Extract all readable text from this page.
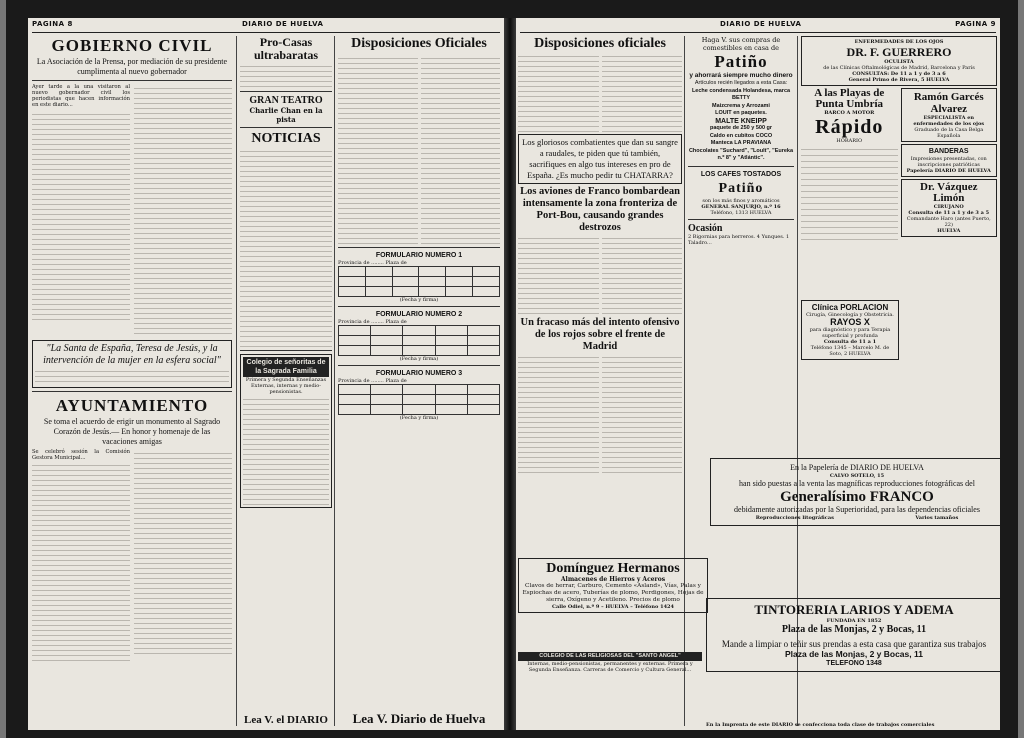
PAGINA 8	DIARIO DE HUELVA
GOBIERNO CIVIL
La Asociación de la Prensa, por mediación de su presidente cumplimenta al nuevo gobernador
Ayer tarde a la una visitaron al nuevo gobernador civil los periodistas que hacen información en este diario...
"La Santa de España, Teresa de Jesús, y la intervención de la mujer en la esfera social"
AYUNTAMIENTO
Se toma el acuerdo de erigir un monumento al Sagrado Corazón de Jesús.— En honor y homenaje de las vacaciones amigas
Se celebró sesión la Comisión Gestora Municipal...
Pro-Casas ultrabaratas
GRAN TEATRO
Charlie Chan en la pista
NOTICIAS
Colegio de señoritas de la Sagrada Familia
Primera y Segunda Enseñanzas Externas, internas y medio-pensionistas.
Lea V. el DIARIO
Disposiciones Oficiales
FORMULARIO NUMERO 1
Provincia de ........ Plaza de

(Fecha y firma)
FORMULARIO NUMERO 2
Provincia de ........ Plaza de

(Fecha y firma)
FORMULARIO NUMERO 3
Provincia de ........ Plaza de

(Fecha y firma)
Lea V. Diario de Huelva
DIARIO DE HUELVA	PAGINA 9
Disposiciones oficiales
Los gloriosos combatientes que dan su sangre a raudales, te piden que tú también, sacrifiques en algo tus intereses en pro de España. ¿Es mucho pedir tu CHATARRA?
Los aviones de Franco bombardean intensamente la zona fronteriza de Port-Bou, causando grandes destrozos
Un fracaso más del intento ofensivo de los rojos sobre el frente de Madrid
Haga V. sus compras de comestibles en casa de
Patiño
y ahorrará siempre mucho dinero
Artículos recién llegados a esta Casa:
Leche condensada Holandesa, marca BETTY
Maizcrema y Arrozami
LOUIT en paquetes.
MALTE KNEIPP
paquete de 250 y 500 gr
Caldo en cubitos COCO
Manteca LA PRAVIANA
Chocolates "Suchard", "Loult", "Eureka n.º 8" y "Atlántic".
LOS CAFES TOSTADOS
Patiño
son los más finos y aromáticos
GENERAL SANJURJO, n.º 16
Teléfono, 1313 HUELVA
Ocasión
2 Bigornias para herreros. 4 Yunques. 1 Taladro...
ENFERMEDADES DE LOS OJOS
DR. F. GUERRERO
OCULISTA
de las Clínicas Oftalmológicas de Madrid, Barcelona y París
CONSULTAS: De 11 a 1 y de 3 a 6
General Primo de Rivera, 5 HUELVA
A las Playas de Punta Umbría
BARCO A MOTOR
Rápido
HORARIO
Ramón Garcés Alvarez
ESPECIALISTA en enfermedades de los ojos
Graduado de la Casa Belga Española
BANDERAS
Impresiones presentadas, con inscripciones patrióticas
Papelería DIARIO DE HUELVA
Dr. Vázquez Limón
CIRUJANO
Consulta de 11 a 1 y de 3 a 5
Comandante Haro (antes Puerto, 22)
HUELVA
Clínica PORLACION
Cirugía, Ginecología y Obstetricia.
RAYOS X
para diagnóstico y para Terapia superficial y profunda
Consulta de 11 a 1
Teléfono 1345 – Marcelo M. de Soto, 2 HUELVA
En la Papelería de DIARIO DE HUELVA
CALVO SOTELO, 15
han sido puestas a la venta las magníficas reproducciones fotográficas del
Generalísimo FRANCO
debidamente autorizadas por la Superioridad, para las dependencias oficiales
Reproducciones litográficas	Varios tamaños
Domínguez Hermanos
Almacenes de Hierros y Aceros
Clavos de herrar, Carburo, Cemento «Asland», Vías, Palas y Espiochas de acero, Tuberías de plomo, Perdigones, Hojas de sierra, Oxígeno y Acetileno. Precios de plomo
Calle Odiel, n.º 9 – HUELVA – Teléfono 1424
COLEGIO DE LAS RELIGIOSAS DEL "SANTO ANGEL"
Internas, medio-pensionistas, permanentes y externas. Primera y Segunda Enseñanza. Carreras de Comercio y Cultura General...
TINTORERIA LARIOS Y ADEMA
FUNDADA EN 1852
Plaza de las Monjas, 2 y Bocas, 11
Mande a limpiar o teñir sus prendas a esta casa que garantiza sus trabajos
Plaza de las Monjas, 2 y Bocas, 11
TELEFONO 1348
En la Imprenta de este DIARIO se confecciona toda clase de trabajos comerciales
